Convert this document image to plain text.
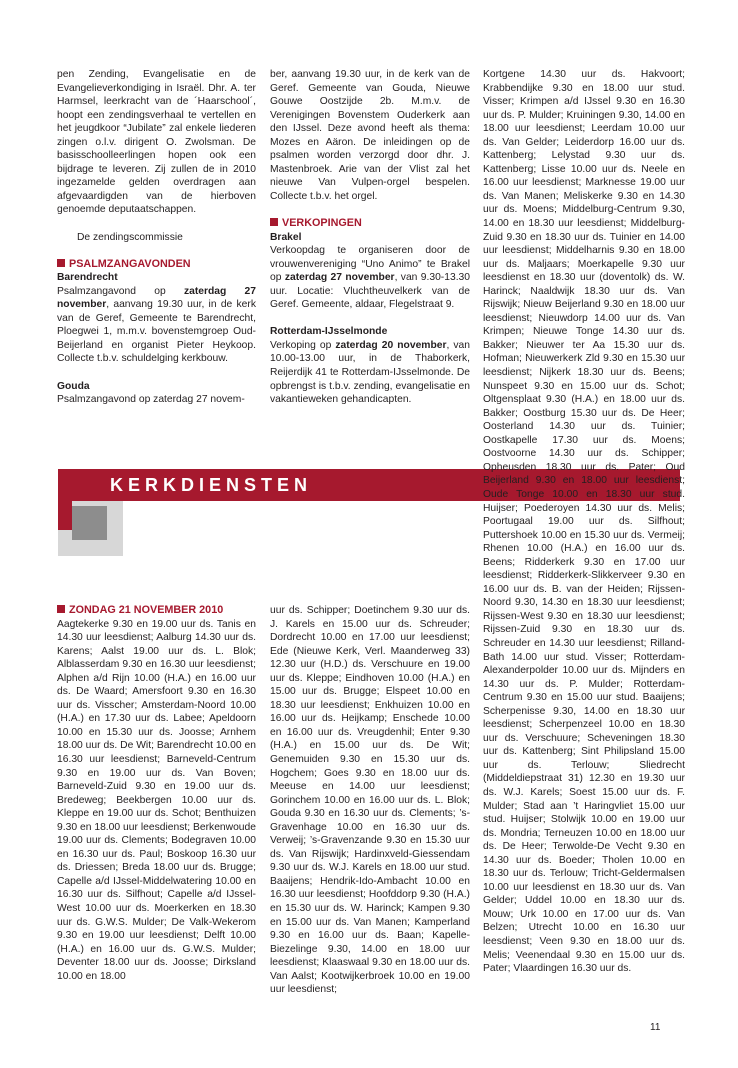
pen Zending, Evangelisatie en de Evangelieverkondiging in Israël. Dhr. A. ter Harmsel, leerkracht van de ´Haarschool´, hoopt een zendingsverhaal te vertellen en het jeugdkoor “Jubilate” zal enkele liederen zingen o.l.v. dirigent O. Zwolsman. De basisschoolleerlingen hopen ook een bijdrage te leveren. Zij zullen de in 2010 ingezamelde gelden overdragen aan afgevaardigden van de hierboven genoemde deputaatschappen.

De zendingscommissie

PSALMZANGAVONDEN

Barendrecht

Psalmzangavond op zaterdag 27 november, aanvang 19.30 uur, in de kerk van de Geref, Gemeente te Barendrecht, Ploegwei 1, m.m.v. bovenstemgroep Oud-Beijerland en organist Pieter Heykoop. Collecte t.b.v. schuldelging kerkbouw.

Gouda

Psalmzangavond op zaterdag 27 novem-

ber, aanvang 19.30 uur, in de kerk van de Geref. Gemeente van Gouda, Nieuwe Gouwe Oostzijde 2b. M.m.v. de Verenigingen Bovenstem Ouderkerk aan den IJssel. Deze avond heeft als thema: Mozes en Aäron. De inleidingen op de psalmen worden verzorgd door dhr. J. Mastenbroek. Arie van der Vlist zal het nieuwe Van Vulpen-orgel bespelen. Collecte t.b.v. het orgel.

VERKOPINGEN

Brakel

Verkoopdag te organiseren door de vrouwenvereniging “Uno Animo” te Brakel op zaterdag 27 november, van 9.30-13.30 uur. Locatie: Vluchtheuvelkerk van de Geref. Gemeente, aldaar, Flegelstraat 9.

Rotterdam-IJsselmonde

Verkoping op zaterdag 20 november, van 10.00-13.00 uur, in de Thaborkerk, Reijerdijk 41 te Rotterdam-IJsselmonde. De opbrengst is t.b.v. zending, evangelisatie en vakantieweken gehandicapten.

KERKDIENSTEN

ZONDAG 21 NOVEMBER 2010

Aagtekerke 9.30 en 19.00 uur ds. Tanis en 14.30 uur leesdienst; Aalburg 14.30 uur ds. Karens; Aalst 19.00 uur ds. L. Blok; Alblasserdam 9.30 en 16.30 uur leesdienst; Alphen a/d Rijn 10.00 (H.A.) en 16.00 uur ds. De Waard; Amersfoort 9.30 en 16.30 uur ds. Visscher; Amsterdam-Noord 10.00 (H.A.) en 17.30 uur ds. Labee; Apeldoorn 10.00 en 15.30 uur ds. Joosse; Arnhem 18.00 uur ds. De Wit; Barendrecht 10.00 en 16.30 uur leesdienst; Barneveld-Centrum 9.30 en 19.00 uur ds. Van Boven; Barneveld-Zuid 9.30 en 19.00 uur ds. Bredeweg; Beekbergen 10.00 uur ds. Kleppe en 19.00 uur ds. Schot; Benthuizen 9.30 en 18.00 uur leesdienst; Berkenwoude 19.00 uur ds. Clements; Bodegraven 10.00 en 16.30 uur ds. Paul; Boskoop 16.30 uur ds. Driessen; Breda 18.00 uur ds. Brugge; Capelle a/d IJssel-Middelwatering 10.00 en 16.30 uur ds. Silfhout; Capelle a/d IJssel-West 10.00 uur ds. Moerkerken en 18.30 uur ds. G.W.S. Mulder; De Valk-Wekerom 9.30 en 19.00 uur leesdienst; Delft 10.00 (H.A.) en 16.00 uur ds. G.W.S. Mulder; Deventer 18.00 uur ds. Joosse; Dirksland 10.00 en 18.00

uur ds. Schipper; Doetinchem 9.30 uur ds. J. Karels en 15.00 uur ds. Schreuder; Dordrecht 10.00 en 17.00 uur leesdienst; Ede (Nieuwe Kerk, Verl. Maanderweg 33) 12.30 uur (H.D.) ds. Verschuure en 19.00 uur ds. Kleppe; Eindhoven 10.00 (H.A.) en 15.00 uur ds. Brugge; Elspeet 10.00 en 18.30 uur leesdienst; Enkhuizen 10.00 en 16.00 uur ds. Heijkamp; Enschede 10.00 en 16.00 uur ds. Vreugdenhil; Enter 9.30 (H.A.) en 15.00 uur ds. De Wit; Genemuiden 9.30 en 15.30 uur ds. Hogchem; Goes 9.30 en 18.00 uur ds. Meeuse en 14.00 uur leesdienst; Gorinchem 10.00 en 16.00 uur ds. L. Blok; Gouda 9.30 en 16.30 uur ds. Clements; ’s-Gravenhage 10.00 en 16.30 uur ds. Verweij; ’s-Gravenzande 9.30 en 15.30 uur ds. Van Rijswijk; Hardinxveld-Giessendam 9.30 uur ds. W.J. Karels en 18.00 uur stud. Baaijens; Hendrik-Ido-Ambacht 10.00 en 16.30 uur leesdienst; Hoofddorp 9.30 (H.A.) en 15.30 uur ds. W. Harinck; Kampen 9.30 en 15.00 uur ds. Van Manen; Kamperland 9.30 en 16.00 uur ds. Baan; Kapelle-Biezelinge 9.30, 14.00 en 18.00 uur leesdienst; Klaaswaal 9.30 en 18.00 uur ds. Van Aalst; Kootwijkerbroek 10.00 en 19.00 uur leesdienst;

Kortgene 14.30 uur ds. Hakvoort; Krabbendijke 9.30 en 18.00 uur stud. Visser; Krimpen a/d IJssel 9.30 en 16.30 uur ds. P. Mulder; Kruiningen 9.30, 14.00 en 18.00 uur leesdienst; Leerdam 10.00 uur ds. Van Gelder; Leiderdorp 16.00 uur ds. Kattenberg; Lelystad 9.30 uur ds. Kattenberg; Lisse 10.00 uur ds. Neele en 16.00 uur leesdienst; Marknesse 19.00 uur ds. Van Manen; Meliskerke 9.30 en 14.30 uur ds. Moens; Middelburg-Centrum 9.30, 14.00 en 18.30 uur leesdienst; Middelburg-Zuid 9.30 en 18.30 uur ds. Tuinier en 14.00 uur leesdienst; Middelharnis 9.30 en 18.00 uur ds. Maljaars; Moerkapelle 9.30 uur leesdienst en 18.30 uur (doventolk) ds. W. Harinck; Naaldwijk 18.30 uur ds. Van Rijswijk; Nieuw Beijerland 9.30 en 18.00 uur leesdienst; Nieuwdorp 14.00 uur ds. Van Krimpen; Nieuwe Tonge 14.30 uur ds. Bakker; Nieuwer ter Aa 15.30 uur ds. Hofman; Nieuwerkerk Zld 9.30 en 15.30 uur leesdienst; Nijkerk 18.30 uur ds. Beens; Nunspeet 9.30 en 15.00 uur ds. Schot; Oltgensplaat 9.30 (H.A.) en 18.00 uur ds. Bakker; Oostburg 15.30 uur ds. De Heer; Oosterland 14.30 uur ds. Tuinier; Oostkapelle 17.30 uur ds. Moens; Oostvoorne 14.30 uur ds. Schipper; Opheusden 18.30 uur ds. Pater; Oud Beijerland 9.30 en 18.00 uur leesdienst; Oude Tonge 10.00 en 18.30 uur stud. Huijser; Poederoyen 14.30 uur ds. Melis; Poortugaal 19.00 uur ds. Silfhout; Puttershoek 10.00 en 15.30 uur ds. Vermeij; Rhenen 10.00 (H.A.) en 16.00 uur ds. Beens; Ridderkerk 9.30 en 17.00 uur leesdienst; Ridderkerk-Slikkerveer 9.30 en 16.00 uur ds. B. van der Heiden; Rijssen-Noord 9.30, 14.30 en 18.30 uur leesdienst; Rijssen-West 9.30 en 18.30 uur leesdienst; Rijssen-Zuid 9.30 en 18.30 uur ds. Schreuder en 14.30 uur leesdienst; Rilland-Bath 14.00 uur stud. Visser; Rotterdam-Alexanderpolder 10.00 uur ds. Mijnders en 14.30 uur ds. P. Mulder; Rotterdam-Centrum 9.30 en 15.00 uur stud. Baaijens; Scherpenisse 9.30, 14.00 en 18.30 uur leesdienst; Scherpenzeel 10.00 en 18.30 uur ds. Verschuure; Scheveningen 18.30 uur ds. Kattenberg; Sint Philipsland 15.00 uur ds. Terlouw; Sliedrecht (Middeldiepstraat 31) 12.30 en 19.30 uur ds. W.J. Karels; Soest 15.00 uur ds. F. Mulder; Stad aan ’t Haringvliet 15.00 uur stud. Huijser; Stolwijk 10.00 en 19.00 uur ds. Mondria; Terneuzen 10.00 en 18.00 uur ds. De Heer; Terwolde-De Vecht 9.30 en 14.30 uur ds. Boeder; Tholen 10.00 en 18.30 uur ds. Terlouw; Tricht-Geldermalsen 10.00 uur leesdienst en 18.30 uur ds. Van Gelder; Uddel 10.00 en 18.30 uur ds. Mouw; Urk 10.00 en 17.00 uur ds. Van Belzen; Utrecht 10.00 en 16.30 uur leesdienst; Veen 9.30 en 18.00 uur ds. Melis; Veenendaal 9.30 en 15.00 uur ds. Pater; Vlaardingen 16.30 uur ds.

11
